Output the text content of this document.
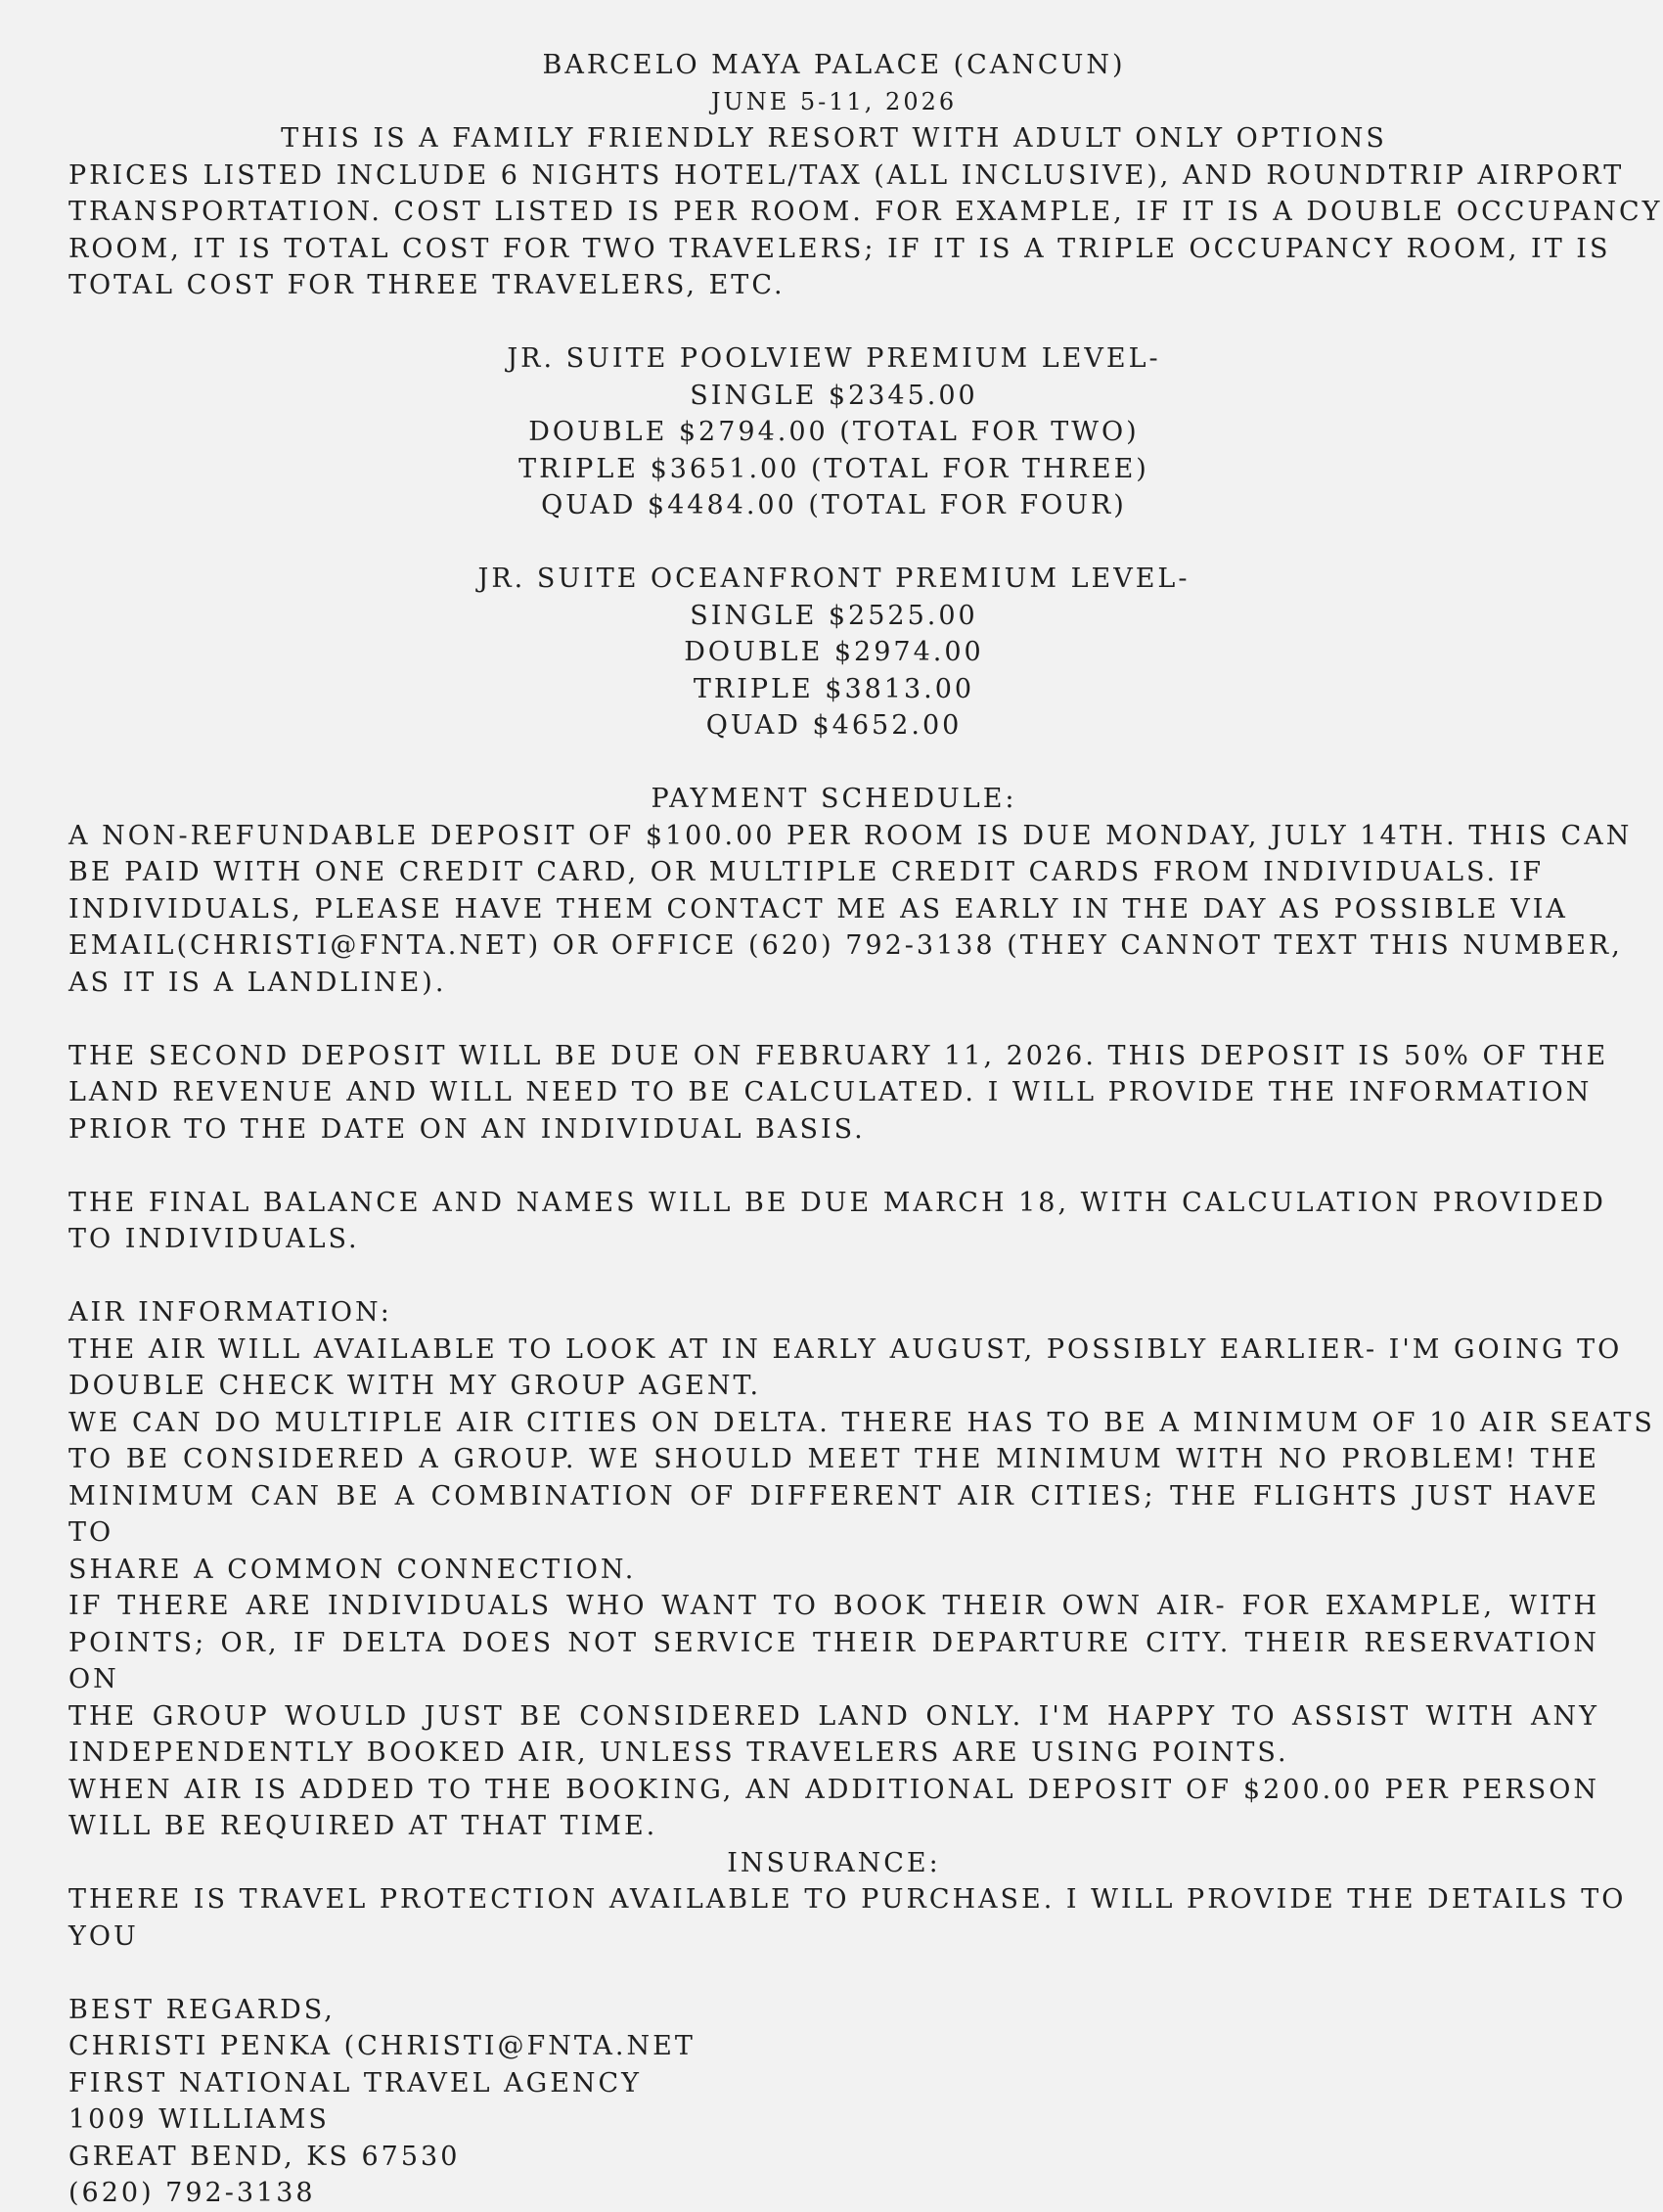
BARCELO MAYA PALACE (CANCUN)
JUNE 5-11, 2026
THIS IS A FAMILY FRIENDLY RESORT WITH ADULT ONLY OPTIONS
PRICES LISTED INCLUDE 6 NIGHTS HOTEL/TAX (ALL INCLUSIVE), AND ROUNDTRIP AIRPORT
TRANSPORTATION. COST LISTED IS PER ROOM. FOR EXAMPLE, IF IT IS A DOUBLE OCCUPANCY
ROOM, IT IS TOTAL COST FOR TWO TRAVELERS; IF IT IS A TRIPLE OCCUPANCY ROOM, IT IS
TOTAL COST FOR THREE TRAVELERS, ETC.
JR. SUITE POOLVIEW PREMIUM LEVEL-
SINGLE $2345.00
DOUBLE $2794.00 (TOTAL FOR TWO)
TRIPLE $3651.00 (TOTAL FOR THREE)
QUAD $4484.00 (TOTAL FOR FOUR)
JR. SUITE OCEANFRONT PREMIUM LEVEL-
SINGLE $2525.00
DOUBLE $2974.00
TRIPLE $3813.00
QUAD $4652.00
PAYMENT SCHEDULE:
A NON-REFUNDABLE DEPOSIT OF $100.00 PER ROOM IS DUE MONDAY, JULY 14TH. THIS CAN
BE PAID WITH ONE CREDIT CARD, OR MULTIPLE CREDIT CARDS FROM INDIVIDUALS. IF
INDIVIDUALS, PLEASE HAVE THEM CONTACT ME AS EARLY IN THE DAY AS POSSIBLE VIA
EMAIL(CHRISTI@FNTA.NET) OR OFFICE (620) 792-3138 (THEY CANNOT TEXT THIS NUMBER,
AS IT IS A LANDLINE).
THE SECOND DEPOSIT WILL BE DUE ON FEBRUARY 11, 2026. THIS DEPOSIT IS 50% OF THE
LAND REVENUE AND WILL NEED TO BE CALCULATED. I WILL PROVIDE THE INFORMATION
PRIOR TO THE DATE ON AN INDIVIDUAL BASIS.
THE FINAL BALANCE AND NAMES WILL BE DUE MARCH 18, WITH CALCULATION PROVIDED
TO INDIVIDUALS.
AIR INFORMATION:
THE AIR WILL AVAILABLE TO LOOK AT IN EARLY AUGUST, POSSIBLY EARLIER- I'M GOING TO
DOUBLE CHECK WITH MY GROUP AGENT.
WE CAN DO MULTIPLE AIR CITIES ON DELTA. THERE HAS TO BE A MINIMUM OF 10 AIR SEATS
TO BE CONSIDERED A GROUP. WE SHOULD MEET THE MINIMUM WITH NO PROBLEM! THE
MINIMUM CAN BE A COMBINATION OF DIFFERENT AIR CITIES; THE FLIGHTS JUST HAVE TO
SHARE A COMMON CONNECTION.
IF THERE ARE INDIVIDUALS WHO WANT TO BOOK THEIR OWN AIR- FOR EXAMPLE, WITH
POINTS; OR, IF DELTA DOES NOT SERVICE THEIR DEPARTURE CITY. THEIR RESERVATION ON
THE GROUP WOULD JUST BE CONSIDERED LAND ONLY. I'M HAPPY TO ASSIST WITH ANY
INDEPENDENTLY BOOKED AIR, UNLESS TRAVELERS ARE USING POINTS.
WHEN AIR IS ADDED TO THE BOOKING, AN ADDITIONAL DEPOSIT OF $200.00 PER PERSON
WILL BE REQUIRED AT THAT TIME.
INSURANCE:
THERE IS TRAVEL PROTECTION AVAILABLE TO PURCHASE. I WILL PROVIDE THE DETAILS TO
YOU
BEST REGARDS,
CHRISTI PENKA (CHRISTI@FNTA.NET
FIRST NATIONAL TRAVEL AGENCY
1009 WILLIAMS
GREAT BEND, KS 67530
(620) 792-3138
